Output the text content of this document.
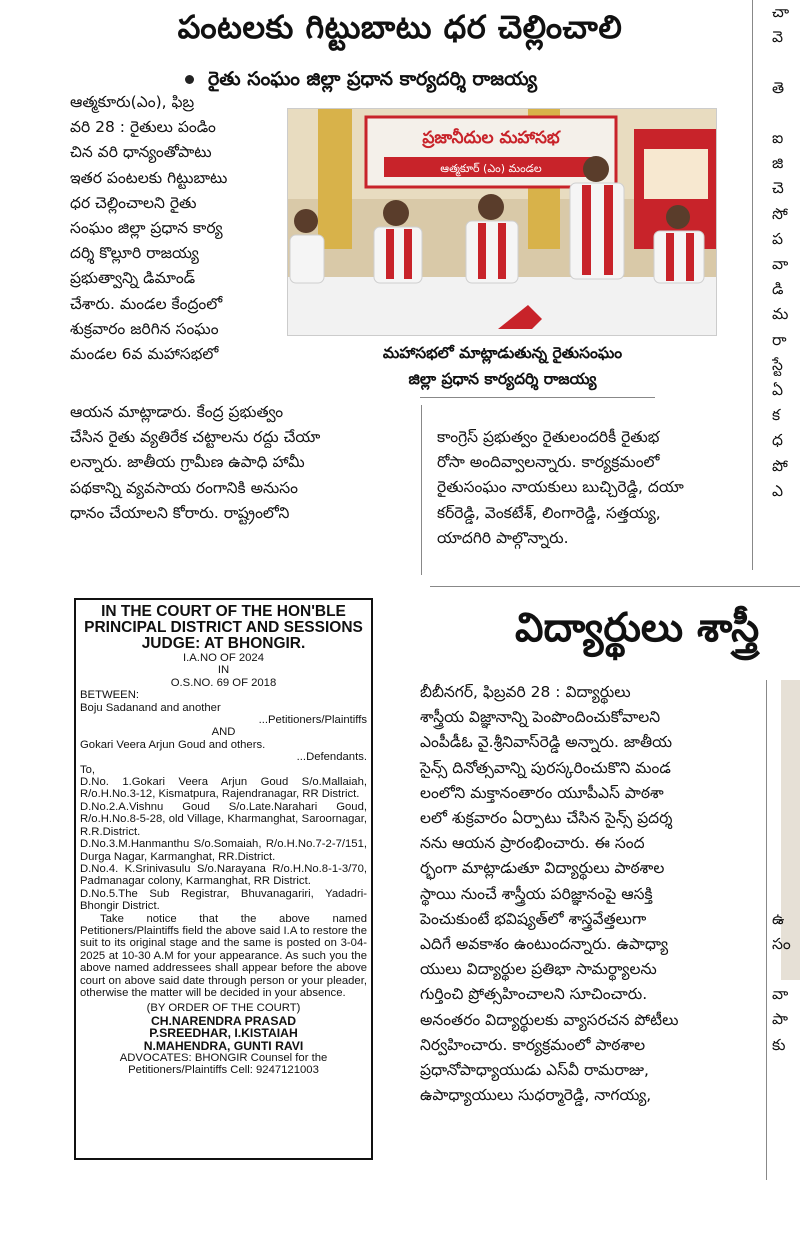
పంటలకు గిట్టుబాటు ధర చెల్లించాలి
రైతు సంఘం జిల్లా ప్రధాన కార్యదర్శి రాజయ్య
ఆత్మకూరు(ఎం), ఫిబ్ర
వరి 28 : రైతులు పండిం
చిన వరి ధాన్యంతోపాటు
ఇతర పంటలకు గిట్టుబాటు
ధర చెల్లించాలని రైతు
సంఘం జిల్లా ప్రధాన కార్య
దర్శి కొల్లూరి రాజయ్య
ప్రభుత్వాన్ని డిమాండ్
చేశారు. మండల కేంద్రంలో
శుక్రవారం జరిగిన సంఘం
మండల 6వ మహాసభలో
ప్రజానీదుల మహాసభ
ఆత్మకూర్ (ఎం) మండల
మహాసభలో మాట్లాడుతున్న రైతుసంఘం
జిల్లా ప్రధాన కార్యదర్శి రాజయ్య
ఆయన మాట్లాడారు. కేంద్ర ప్రభుత్వం
చేసిన రైతు వ్యతిరేక చట్టాలను రద్దు చేయా
లన్నారు. జాతీయ గ్రామీణ ఉపాధి హామీ
పథకాన్ని వ్యవసాయ రంగానికి అనుసం
ధానం చేయాలని కోరారు. రాష్ట్రంలోని
కాంగ్రెస్ ప్రభుత్వం రైతులందరికీ రైతుభ
రోసా అందివ్వాలన్నారు. కార్యక్రమంలో
రైతుసంఘం నాయకులు బుచ్చిరెడ్డి, దయా
కర్‌రెడ్డి, వెంకటేశ్, లింగారెడ్డి, సత్తయ్య,
యాదగిరి పాల్గొన్నారు.
చా
వె
తె
ఐ
జి
చె
సో
ప
వా
డి
మ
రా
స్టే
ఏ
క
ధ
పో
ఎ
IN THE COURT OF THE HON'BLE
PRINCIPAL DISTRICT AND SESSIONS
JUDGE: AT BHONGIR.
I.A.NO OF 2024
IN
O.S.NO. 69 OF 2018
BETWEEN:
Boju Sadanand and another
...Petitioners/Plaintiffs
AND
Gokari Veera Arjun Goud and others.
...Defendants.
To,
D.No. 1.Gokari Veera Arjun Goud S/o.Mallaiah, R/o.H.No.3-12, Kismatpura, Rajendranagar, RR District.
D.No.2.A.Vishnu Goud S/o.Late.Narahari Goud, R/o.H.No.8-5-28, old Village, Kharmanghat, Saroornagar, R.R.District.
D.No.3.M.Hanmanthu S/o.Somaiah, R/o.H.No.7-2-7/151, Durga Nagar, Karmanghat, RR.District.
D.No.4. K.Srinivasulu S/o.Narayana R/o.H.No.8-1-3/70, Padmanagar colony, Karmanghat, RR District.
D.No.5.The Sub Registrar, Bhuvanagariri, Yadadri-Bhongir District.
Take notice that the above named Petitioners/Plaintiffs field the above said I.A to restore the suit to its original stage and the same is posted on 3-04-2025 at 10-30 A.M for your appearance. As such you the above named addressees shall appear before the above court on above said date through person or your pleader, otherwise the matter will be decided in your absence.
(BY ORDER OF THE COURT)
CH.NARENDRA PRASAD
P.SREEDHAR, I.KISTAIAH
N.MAHENDRA, GUNTI RAVI
ADVOCATES: BHONGIR Counsel for the Petitioners/Plaintiffs Cell: 9247121003
విద్యార్థులు శాస్త్రీ
బీబీనగర్, ఫిబ్రవరి 28 : విద్యార్థులు
శాస్త్రీయ విజ్ఞానాన్ని పెంపొందించుకోవాలని
ఎంపీడీఓ వై.శ్రీనివాస్‌రెడ్డి అన్నారు. జాతీయ
సైన్స్ దినోత్సవాన్ని పురస్కరించుకొని మండ
లంలోని మక్తానంతారం యూపీఎస్ పాఠశా
లలో శుక్రవారం ఏర్పాటు చేసిన సైన్స్ ప్రదర్శ
నను ఆయన ప్రారంభించారు. ఈ సంద
ర్భంగా మాట్లాడుతూ విద్యార్థులు పాఠశాల
స్థాయి నుంచే శాస్త్రీయ పరిజ్ఞానంపై ఆసక్తి
పెంచుకుంటే భవిష్యత్‌లో శాస్త్రవేత్తలుగా
ఎదిగే అవకాశం ఉంటుందన్నారు. ఉపాధ్యా
యులు విద్యార్థుల ప్రతిభా సామర్థ్యాలను
గుర్తించి ప్రోత్సహించాలని సూచించారు.
అనంతరం విద్యార్థులకు వ్యాసరచన పోటీలు
నిర్వహించారు. కార్యక్రమంలో పాఠశాల
ప్రధానోపాధ్యాయుడు ఎస్‌వీ రామరాజు,
ఉపాధ్యాయులు సుధర్మారెడ్డి, నాగయ్య,
ఉ
సం
వా
పా
కు
